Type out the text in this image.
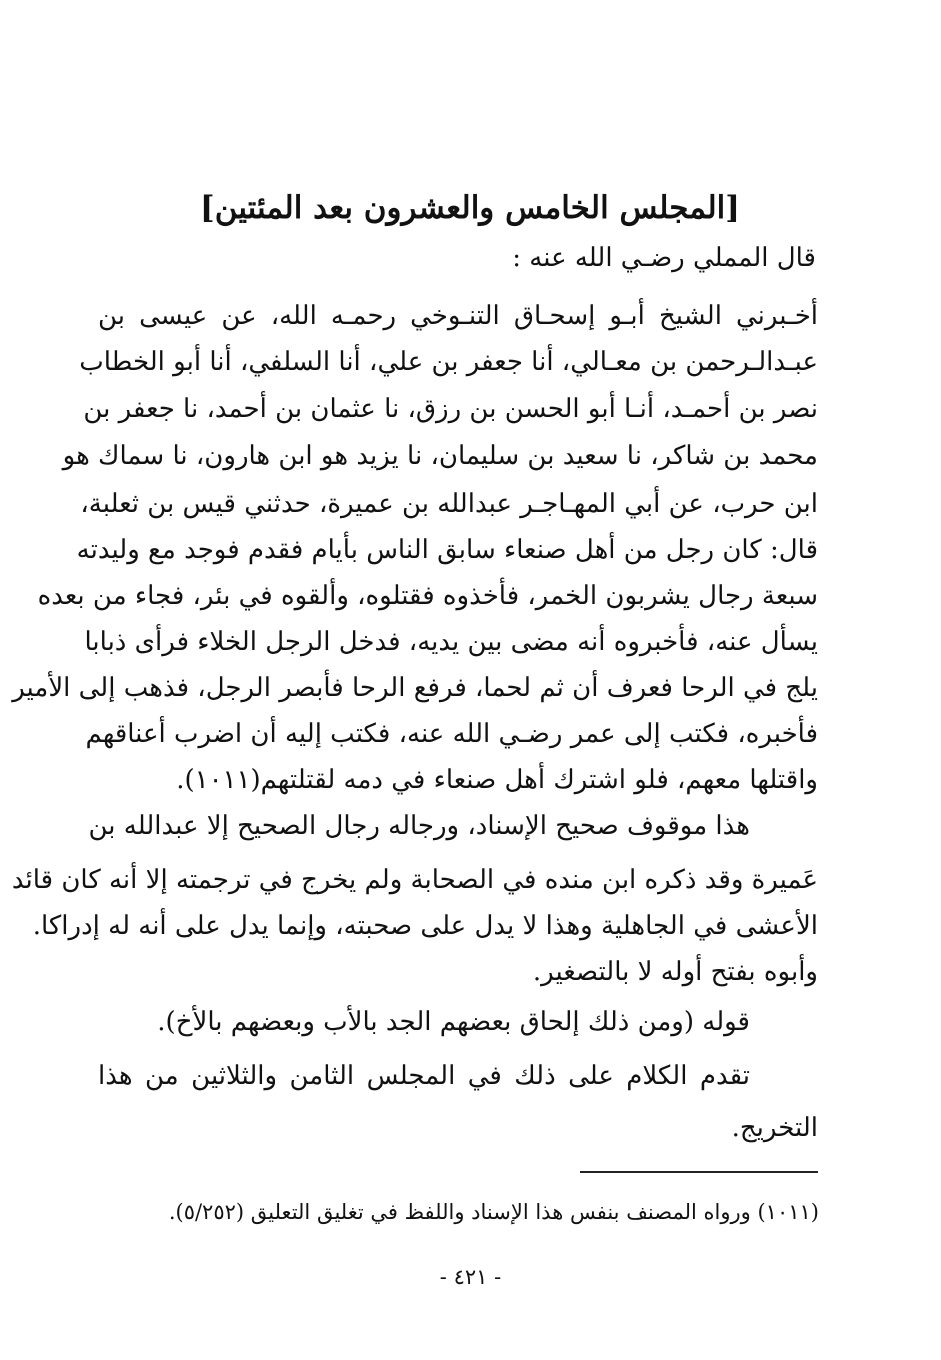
[المجلس الخامس والعشرون بعد المئتين]
قال المملي رضـي الله عنه :
أخـبرني الشيخ أبـو إسحـاق التنـوخي رحمـه الله، عن عيسى بن
عبـدالـرحمن بن معـالي، أنا جعفر بن علي، أنا السلفي، أنا أبو الخطاب
نصر بن أحمـد، أنـا أبو الحسن بن رزق، نا عثمان بن أحمد، نا جعفر بن
محمد بن شاكر، نا سعيد بن سليمان، نا يزيد هو ابن هارون، نا سماك هو
ابن حرب، عن أبي المهـاجـر عبدالله بن عميرة، حدثني قيس بن ثعلبة،
قال: كان رجل من أهل صنعاء سابق الناس بأيام فقدم فوجد مع وليدته
سبعة رجال يشربون الخمر، فأخذوه فقتلوه، وألقوه في بئر، فجاء من بعده
يسأل عنه، فأخبروه أنه مضى بين يديه، فدخل الرجل الخلاء فرأى ذبابا
يلج في الرحا فعرف أن ثم لحما، فرفع الرحا فأبصر الرجل، فذهب إلى الأمير
فأخبره، فكتب إلى عمر رضـي الله عنه، فكتب إليه أن اضرب أعناقهم
واقتلها معهم، فلو اشترك أهل صنعاء في دمه لقتلتهم(١٠١١).
هذا موقوف صحيح الإسناد، ورجاله رجال الصحيح إلا عبدالله بن
عَميرة وقد ذكره ابن منده في الصحابة ولم يخرج في ترجمته إلا أنه كان قائد
الأعشى في الجاهلية وهذا لا يدل على صحبته، وإنما يدل على أنه له إدراكا.
وأبوه بفتح أوله لا بالتصغير.
قوله (ومن ذلك إلحاق بعضهم الجد بالأب وبعضهم بالأخ).
تقدم الكلام على ذلك في المجلس الثامن والثلاثين من هذا
التخريج.
(١٠١١) ورواه المصنف بنفس هذا الإسناد واللفظ في تغليق التعليق (٥/٢٥٢).
- ٤٢١ -
